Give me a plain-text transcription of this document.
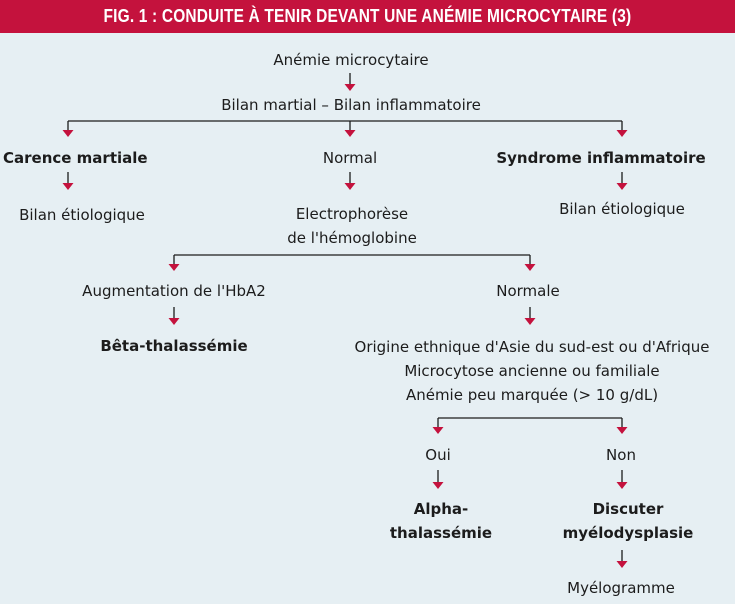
FIG. 1 : CONDUITE À TENIR DEVANT UNE ANÉMIE MICROCYTAIRE (3)
Anémie microcytaire
Bilan martial – Bilan inflammatoire
Carence martiale	Normal	Syndrome inflammatoire
Bilan étiologique	Electrophorèse
de l'hémoglobine
Bilan étiologique
Augmentation de l'HbA2	Normale
Bêta-thalassémie	Origine ethnique d'Asie du sud-est ou d'Afrique
Microcytose ancienne ou familiale
Anémie peu marquée (> 10 g/dL)
Oui	Non
Alpha-
thalassémie
Discuter
myélodysplasie
Myélogramme
